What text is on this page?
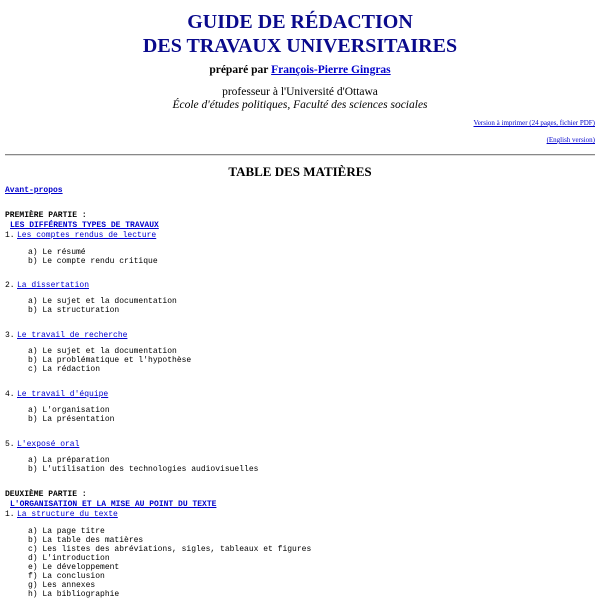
GUIDE DE RÉDACTION
DES TRAVAUX UNIVERSITAIRES
préparé par François-Pierre Gingras
professeur à l'Université d'Ottawa
École d'études politiques, Faculté des sciences sociales
Version à imprimer (24 pages, fichier PDF)
(English version)
TABLE DES MATIÈRES

Avant-propos

PREMIÈRE PARTIE :

LES DIFFÉRENTS TYPES DE TRAVAUX

1.

Les comptes rendus de lecture

a) Le résumé

b) Le compte rendu critique

2.

La dissertation

a) Le sujet et la documentation

b) La structuration

3.

Le travail de recherche

a) Le sujet et la documentation

b) La problématique et l'hypothèse

c) La rédaction

4.

Le travail d'équipe

a) L'organisation

b) La présentation

5.

L'exposé oral

a) La préparation

b) L'utilisation des technologies audiovisuelles

DEUXIÈME PARTIE :

L'ORGANISATION ET LA MISE AU POINT DU TEXTE

1.

La structure du texte

a) La page titre

b) La table des matières

c) Les listes des abréviations, sigles, tableaux et figures

d) L'introduction

e) Le développement

f) La conclusion

g) Les annexes

h) La bibliographie
